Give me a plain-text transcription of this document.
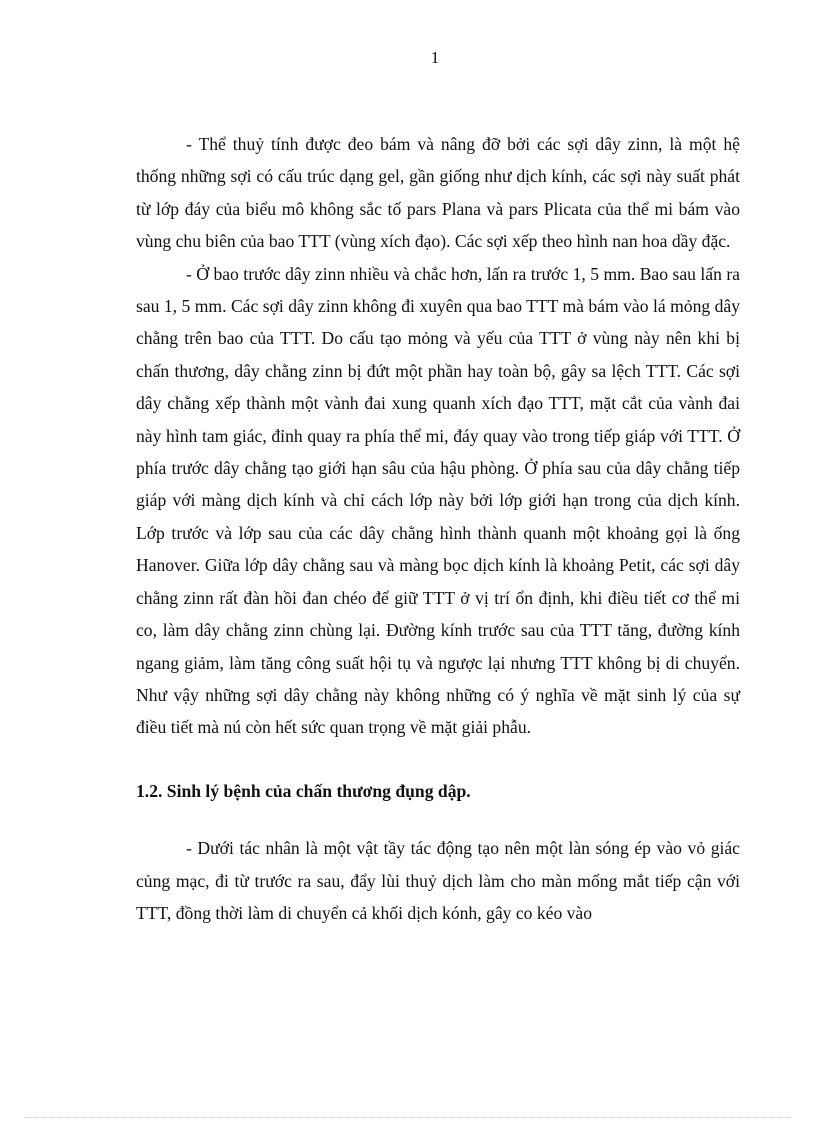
1

- Thể thuỷ tính được đeo bám và nâng đỡ bởi các sợi dây zinn, là một hệ thống những sợi có cấu trúc dạng gel, gần giống như dịch kính, các sợi này suất phát từ lớp đáy của biểu mô không sắc tố pars Plana và pars Plicata của thể mi bám vào vùng chu biên của bao TTT (vùng xích đạo). Các sợi xếp theo hình nan hoa dầy đặc.

- Ở bao trước dây zinn nhiều và chắc hơn, lấn ra trước 1, 5 mm. Bao sau lấn ra sau 1, 5 mm. Các sợi dây zinn không đi xuyên qua bao TTT mà bám vào lá mỏng dây chằng trên bao của TTT. Do cấu tạo mỏng và yếu của TTT ở vùng này nên khi bị chấn thương, dây chằng zinn bị đứt một phần hay toàn bộ, gây sa lệch TTT. Các sợi dây chằng xếp thành một vành đai xung quanh xích đạo TTT, mặt cắt của vành đai này hình tam giác, đỉnh quay ra phía thể mi, đáy quay vào trong tiếp giáp với TTT. Ở phía trước dây chằng tạo giới hạn sâu của hậu phòng. Ở phía sau của dây chằng tiếp giáp với màng dịch kính và chỉ cách lớp này bởi lớp giới hạn trong của dịch kính. Lớp trước và lớp sau của các dây chằng hình thành quanh một khoảng gọi là ống Hanover. Giữa lớp dây chằng sau và màng bọc dịch kính là khoảng Petit, các sợi dây chằng zinn rất đàn hồi đan chéo để giữ TTT ở vị trí ổn định, khi điều tiết cơ thể mi co, làm dây chằng zinn chùng lại. Đường kính trước sau của TTT tăng, đường kính ngang giảm, làm tăng công suất hội tụ và ngược lại nhưng TTT không bị di chuyển. Như vậy những sợi dây chằng này không những có ý nghĩa về mặt sinh lý của sự điều tiết mà nú còn hết sức quan trọng về mặt giải phẫu.

1.2. Sinh lý bệnh của chấn thương đụng dập.

- Dưới tác nhân là một vật tầy tác động tạo nên một làn sóng ép vào vỏ giác củng mạc, đi từ trước ra sau, đẩy lùi thuỷ dịch làm cho màn mống mắt tiếp cận với TTT, đồng thời làm di chuyển cả khối dịch kónh, gây co kéo vào
